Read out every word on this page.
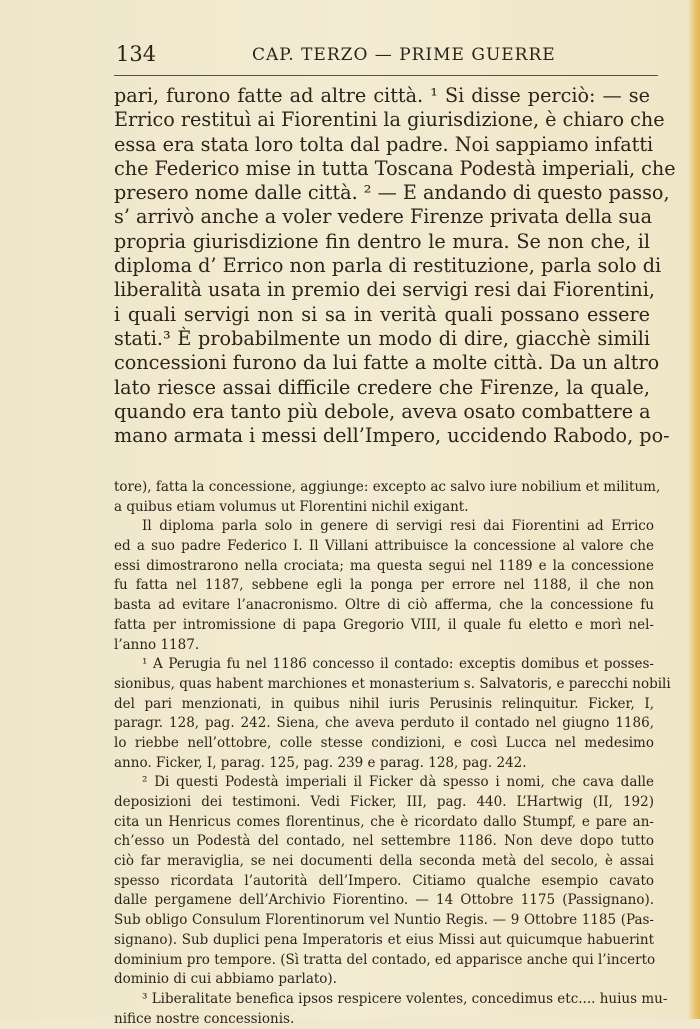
134	CAP. TERZO — PRIME GUERRE
pari, furono fatte ad altre città. ¹ Si disse perciò: — se
Errico restituì ai Fiorentini la giurisdizione, è chiaro che
essa era stata loro tolta dal padre. Noi sappiamo infatti
che Federico mise in tutta Toscana Podestà imperiali, che
presero nome dalle città. ² — E andando di questo passo,
s’ arrivò anche a voler vedere Firenze privata della sua
propria giurisdizione fin dentro le mura. Se non che, il
diploma d’ Errico non parla di restituzione, parla solo di
liberalità usata in premio dei servigi resi dai Fiorentini,
i quali servigi non si sa in verità quali possano essere
stati.³ È probabilmente un modo di dire, giacchè simili
concessioni furono da lui fatte a molte città. Da un altro
lato riesce assai difficile credere che Firenze, la quale,
quando era tanto più debole, aveva osato combattere a
mano armata i messi dell’Impero, uccidendo Rabodo, po-
tore), fatta la concessione, aggiunge: excepto ac salvo iure nobilium et militum,
a quibus etiam volumus ut Florentini nichil exigant.
Il diploma parla solo in genere di servigi resi dai Fiorentini ad Errico
ed a suo padre Federico I. Il Villani attribuisce la concessione al valore che
essi dimostrarono nella crociata; ma questa segui nel 1189 e la concessione
fu fatta nel 1187, sebbene egli la ponga per errore nel 1188, il che non
basta ad evitare l’anacronismo. Oltre di ciò afferma, che la concessione fu
fatta per intromissione di papa Gregorio VIII, il quale fu eletto e morì nel-
l’anno 1187.
¹ A Perugia fu nel 1186 concesso il contado: exceptis domibus et posses-
sionibus, quas habent marchiones et monasterium s. Salvatoris, e parecchi nobili
del pari menzionati, in quibus nihil iuris Perusinis relinquitur. Ficker, I,
paragr. 128, pag. 242. Siena, che aveva perduto il contado nel giugno 1186,
lo riebbe nell’ottobre, colle stesse condizioni, e così Lucca nel medesimo
anno. Ficker, I, parag. 125, pag. 239 e parag. 128, pag. 242.
² Di questi Podestà imperiali il Ficker dà spesso i nomi, che cava dalle
deposizioni dei testimoni. Vedi Ficker, III, pag. 440. L’Hartwig (II, 192)
cita un Henricus comes florentinus, che è ricordato dallo Stumpf, e pare an-
ch’esso un Podestà del contado, nel settembre 1186. Non deve dopo tutto
ciò far meraviglia, se nei documenti della seconda metà del secolo, è assai
spesso ricordata l’autorità dell’Impero. Citiamo qualche esempio cavato
dalle pergamene dell’Archivio Fiorentino. — 14 Ottobre 1175 (Passignano).
Sub obligo Consulum Florentinorum vel Nuntio Regis. — 9 Ottobre 1185 (Pas-
signano). Sub duplici pena Imperatoris et eius Missi aut quicumque habuerint
dominium pro tempore. (Sì tratta del contado, ed apparisce anche qui l’incerto
dominio di cui abbiamo parlato).
³ Liberalitate benefica ipsos respicere volentes, concedimus etc.... huius mu-
nifice nostre concessionis.
